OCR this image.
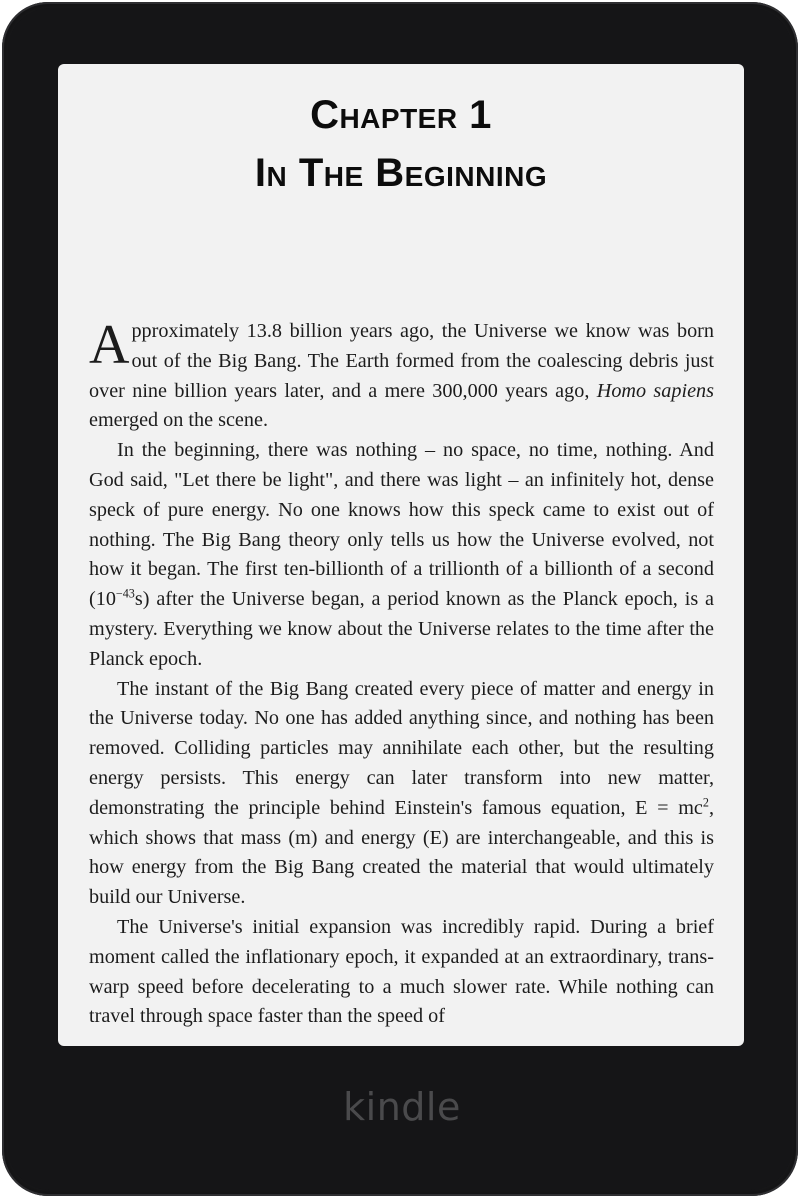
Chapter 1
In The Beginning

Approximately 13.8 billion years ago, the Universe we know was born out of the Big Bang. The Earth formed from the coalescing debris just over nine billion years later, and a mere 300,000 years ago, Homo sapiens emerged on the scene.

In the beginning, there was nothing – no space, no time, nothing. And God said, "Let there be light", and there was light – an infinitely hot, dense speck of pure energy. No one knows how this speck came to exist out of nothing. The Big Bang theory only tells us how the Universe evolved, not how it began. The first ten-billionth of a trillionth of a billionth of a second $(10^{-43}s)$ after the Universe began, a period known as the Planck epoch, is a mystery. Everything we know about the Universe relates to the time after the Planck epoch.

The instant of the Big Bang created every piece of matter and energy in the Universe today. No one has added anything since, and nothing has been removed. Colliding particles may annihilate each other, but the resulting energy persists. This energy can later transform into new matter, demonstrating the principle behind Einstein's famous equation, $E = mc^2$, which shows that mass (m) and energy (E) are interchangeable, and this is how energy from the Big Bang created the material that would ultimately build our Universe.

The Universe's initial expansion was incredibly rapid. During a brief moment called the inflationary epoch, it expanded at an extraordinary, trans-warp speed before decelerating to a much slower rate. While nothing can travel through space faster than the speed of

kindle
